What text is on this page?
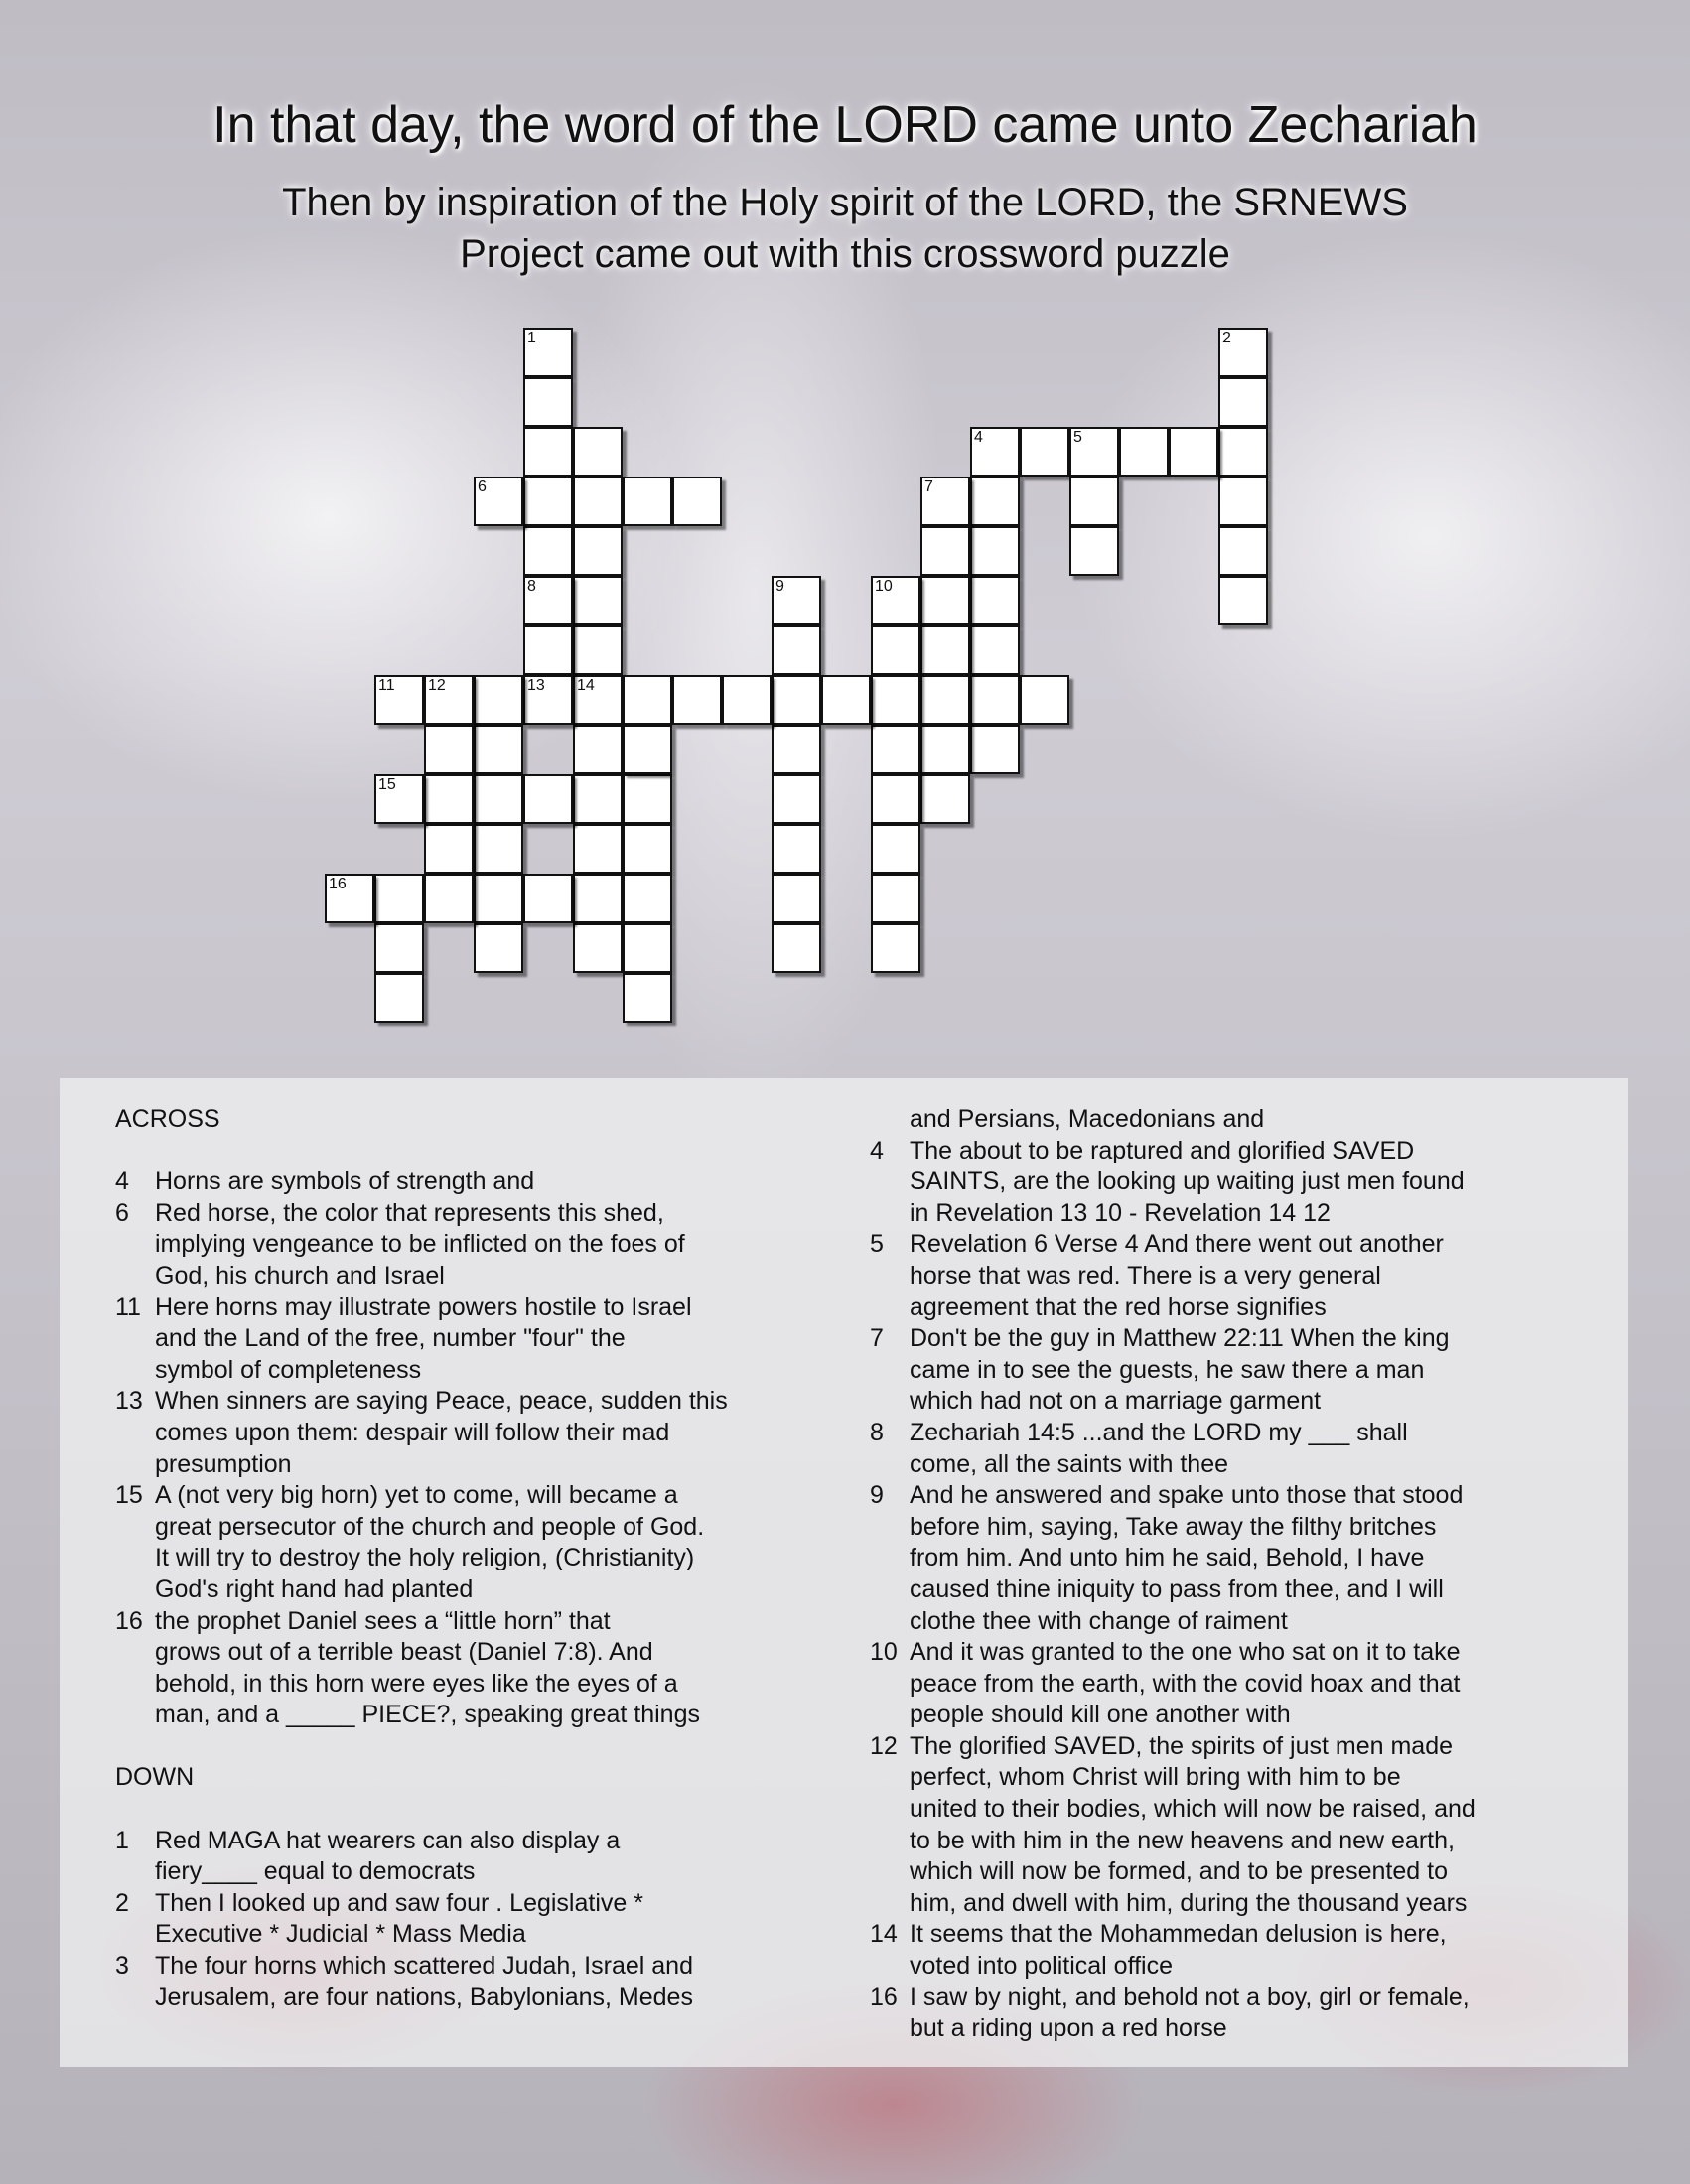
In that day, the word of the LORD came unto Zechariah
Then by inspiration of the Holy spirit of the LORD, the SRNEWS
Project came out with this crossword puzzle
1	2
14
4	5
6	7
8
13
9	10
11 12
15
16
ACROSS
4 Horns are symbols of strength and
6 Red horse, the color that represents this shed,
implying vengeance to be inflicted on the foes of
God, his church and Israel
11 Here horns may illustrate powers hostile to Israel
and the Land of the free, number "four" the
symbol of completeness
13 When sinners are saying Peace, peace, sudden this
comes upon them: despair will follow their mad
presumption
15 A (not very big horn) yet to come, will became a
great persecutor of the church and people of God.
It will try to destroy the holy religion, (Christianity)
God's right hand had planted
16 the prophet Daniel sees a “little horn” that
grows out of a terrible beast (Daniel 7:8). And
behold, in this horn were eyes like the eyes of a
man, and a _____ PIECE?, speaking great things
DOWN
1 Red MAGA hat wearers can also display a
fiery____ equal to democrats
2 Then I looked up and saw four . Legislative *
Executive * Judicial * Mass Media
3 The four horns which scattered Judah, Israel and
Jerusalem, are four nations, Babylonians, Medes
and Persians, Macedonians and
4 The about to be raptured and glorified SAVED
SAINTS, are the looking up waiting just men found
in Revelation 13 10 - Revelation 14 12
5 Revelation 6 Verse 4 And there went out another
horse that was red. There is a very general
agreement that the red horse signifies
7 Don't be the guy in Matthew 22:11 When the king
came in to see the guests, he saw there a man
which had not on a marriage garment
8 Zechariah 14:5 ...and the LORD my ___ shall
come, all the saints with thee
9 And he answered and spake unto those that stood
before him, saying, Take away the filthy britches
from him. And unto him he said, Behold, I have
caused thine iniquity to pass from thee, and I will
clothe thee with change of raiment
10 And it was granted to the one who sat on it to take
peace from the earth, with the covid hoax and that
people should kill one another with
12 The glorified SAVED, the spirits of just men made
perfect, whom Christ will bring with him to be
united to their bodies, which will now be raised, and
to be with him in the new heavens and new earth,
which will now be formed, and to be presented to
him, and dwell with him, during the thousand years
14 It seems that the Mohammedan delusion is here,
voted into political office
16 I saw by night, and behold not a boy, girl or female,
but a riding upon a red horse
